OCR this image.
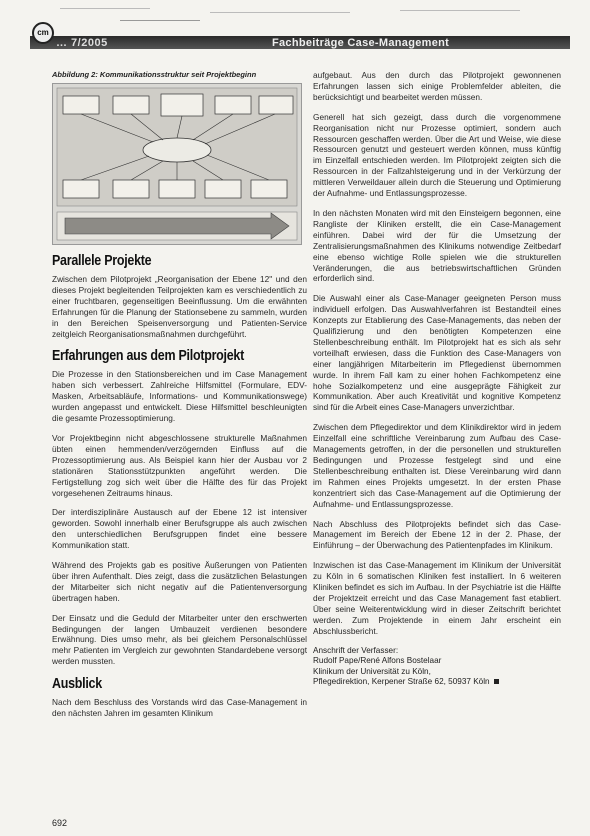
cm
… 7/2005	Fachbeiträge Case-Management

Abbildung 2: Kommunikationsstruktur seit Projektbeginn

Parallele Projekte

Zwischen dem Pilotprojekt „Reorganisation der Ebene 12" und den dieses Projekt begleitenden Teilprojekten kam es verschiedentlich zu einer fruchtbaren, gegenseitigen Beeinflussung. Um die erwähnten Erfahrungen für die Planung der Stationsebene zu sammeln, wurden in den Bereichen Speisenversorgung und Patienten-Service zeitgleich Reorganisationsmaßnahmen durchgeführt.

Erfahrungen aus dem Pilotprojekt

Die Prozesse in den Stationsbereichen und im Case Management haben sich verbessert. Zahlreiche Hilfsmittel (Formulare, EDV-Masken, Arbeitsabläufe, Informations- und Kommunikationswege) wurden angepasst und entwickelt. Diese Hilfsmittel beschleunigten die gesamte Prozessoptimierung.

Vor Projektbeginn nicht abgeschlossene strukturelle Maßnahmen übten einen hemmenden/verzögernden Einfluss auf die Prozessoptimierung aus. Als Beispiel kann hier der Ausbau vor 2 stationären Stationsstützpunkten angeführt werden. Die Fertigstellung zog sich weit über die Hälfte des für das Projekt vorgesehenen Zeitraums hinaus.

Der interdisziplinäre Austausch auf der Ebene 12 ist intensiver geworden. Sowohl innerhalb einer Berufsgruppe als auch zwischen den unterschiedlichen Berufsgruppen findet eine bessere Kommunikation statt.

Während des Projekts gab es positive Äußerungen von Patienten über ihren Aufenthalt. Dies zeigt, dass die zusätzlichen Belastungen der Mitarbeiter sich nicht negativ auf die Patientenversorgung übertragen haben.

Der Einsatz und die Geduld der Mitarbeiter unter den erschwerten Bedingungen der langen Umbauzeit verdienen besondere Erwähnung. Dies umso mehr, als bei gleichem Personalschlüssel mehr Patienten im Vergleich zur gewohnten Standardebene versorgt werden mussten.

Ausblick

Nach dem Beschluss des Vorstands wird das Case-Management in den nächsten Jahren im gesamten Klinikum

aufgebaut. Aus den durch das Pilotprojekt gewonnenen Erfahrungen lassen sich einige Problemfelder ableiten, die berücksichtigt und bearbeitet werden müssen.

Generell hat sich gezeigt, dass durch die vorgenommene Reorganisation nicht nur Prozesse optimiert, sondern auch Ressourcen geschaffen werden. Über die Art und Weise, wie diese Ressourcen genutzt und gesteuert werden können, muss künftig im Einzelfall entschieden werden. Im Pilotprojekt zeigten sich die Ressourcen in der Fallzahlsteigerung und in der Verkürzung der mittleren Verweildauer allein durch die Steuerung und Optimierung der Aufnahme- und Entlassungsprozesse.

In den nächsten Monaten wird mit den Einsteigern begonnen, eine Rangliste der Kliniken erstellt, die ein Case-Management einführen. Dabei wird der für die Umsetzung der Zentralisierungsmaßnahmen des Klinikums notwendige Zeitbedarf eine ebenso wichtige Rolle spielen wie die strukturellen Veränderungen, die aus betriebswirtschaftlichen Gründen erforderlich sind.

Die Auswahl einer als Case-Manager geeigneten Person muss individuell erfolgen. Das Auswahlverfahren ist Bestandteil eines Konzepts zur Etablierung des Case-Managements, das neben der Qualifizierung und den benötigten Kompetenzen eine Stellenbeschreibung enthält. Im Pilotprojekt hat es sich als sehr vorteilhaft erwiesen, dass die Funktion des Case-Managers von einer langjährigen Mitarbeiterin im Pflegedienst übernommen wurde. In ihrem Fall kam zu einer hohen Fachkompetenz eine hohe Sozialkompetenz und eine ausgeprägte Fähigkeit zur Kommunikation. Aber auch Kreativität und kognitive Kompetenz sind für die Arbeit eines Case-Managers unverzichtbar.

Zwischen dem Pflegedirektor und dem Klinikdirektor wird in jedem Einzelfall eine schriftliche Vereinbarung zum Aufbau des Case-Managements getroffen, in der die personellen und strukturellen Bedingungen und Prozesse festgelegt sind und eine Stellenbeschreibung enthalten ist. Diese Vereinbarung wird dann im Rahmen eines Projekts umgesetzt. In der ersten Phase konzentriert sich das Case-Management auf die Optimierung der Aufnahme- und Entlassungsprozesse.

Nach Abschluss des Pilotprojekts befindet sich das Case-Management im Bereich der Ebene 12 in der 2. Phase, der Einführung – der Überwachung des Patientenpfades im Klinikum.

Inzwischen ist das Case-Management im Klinikum der Universität zu Köln in 6 somatischen Kliniken fest installiert. In 6 weiteren Kliniken befindet es sich im Aufbau. In der Psychiatrie ist die Hälfte der Projektzeit erreicht und das Case Management fast etabliert. Über seine Weiterentwicklung wird in dieser Zeitschrift berichtet werden. Zum Projektende in einem Jahr erscheint ein Abschlussbericht.

Anschrift der Verfasser:

Rudolf Pape/René Alfons Bostelaar

Klinikum der Universität zu Köln,

Pflegedirektion, Kerpener Straße 62, 50937 Köln

692
